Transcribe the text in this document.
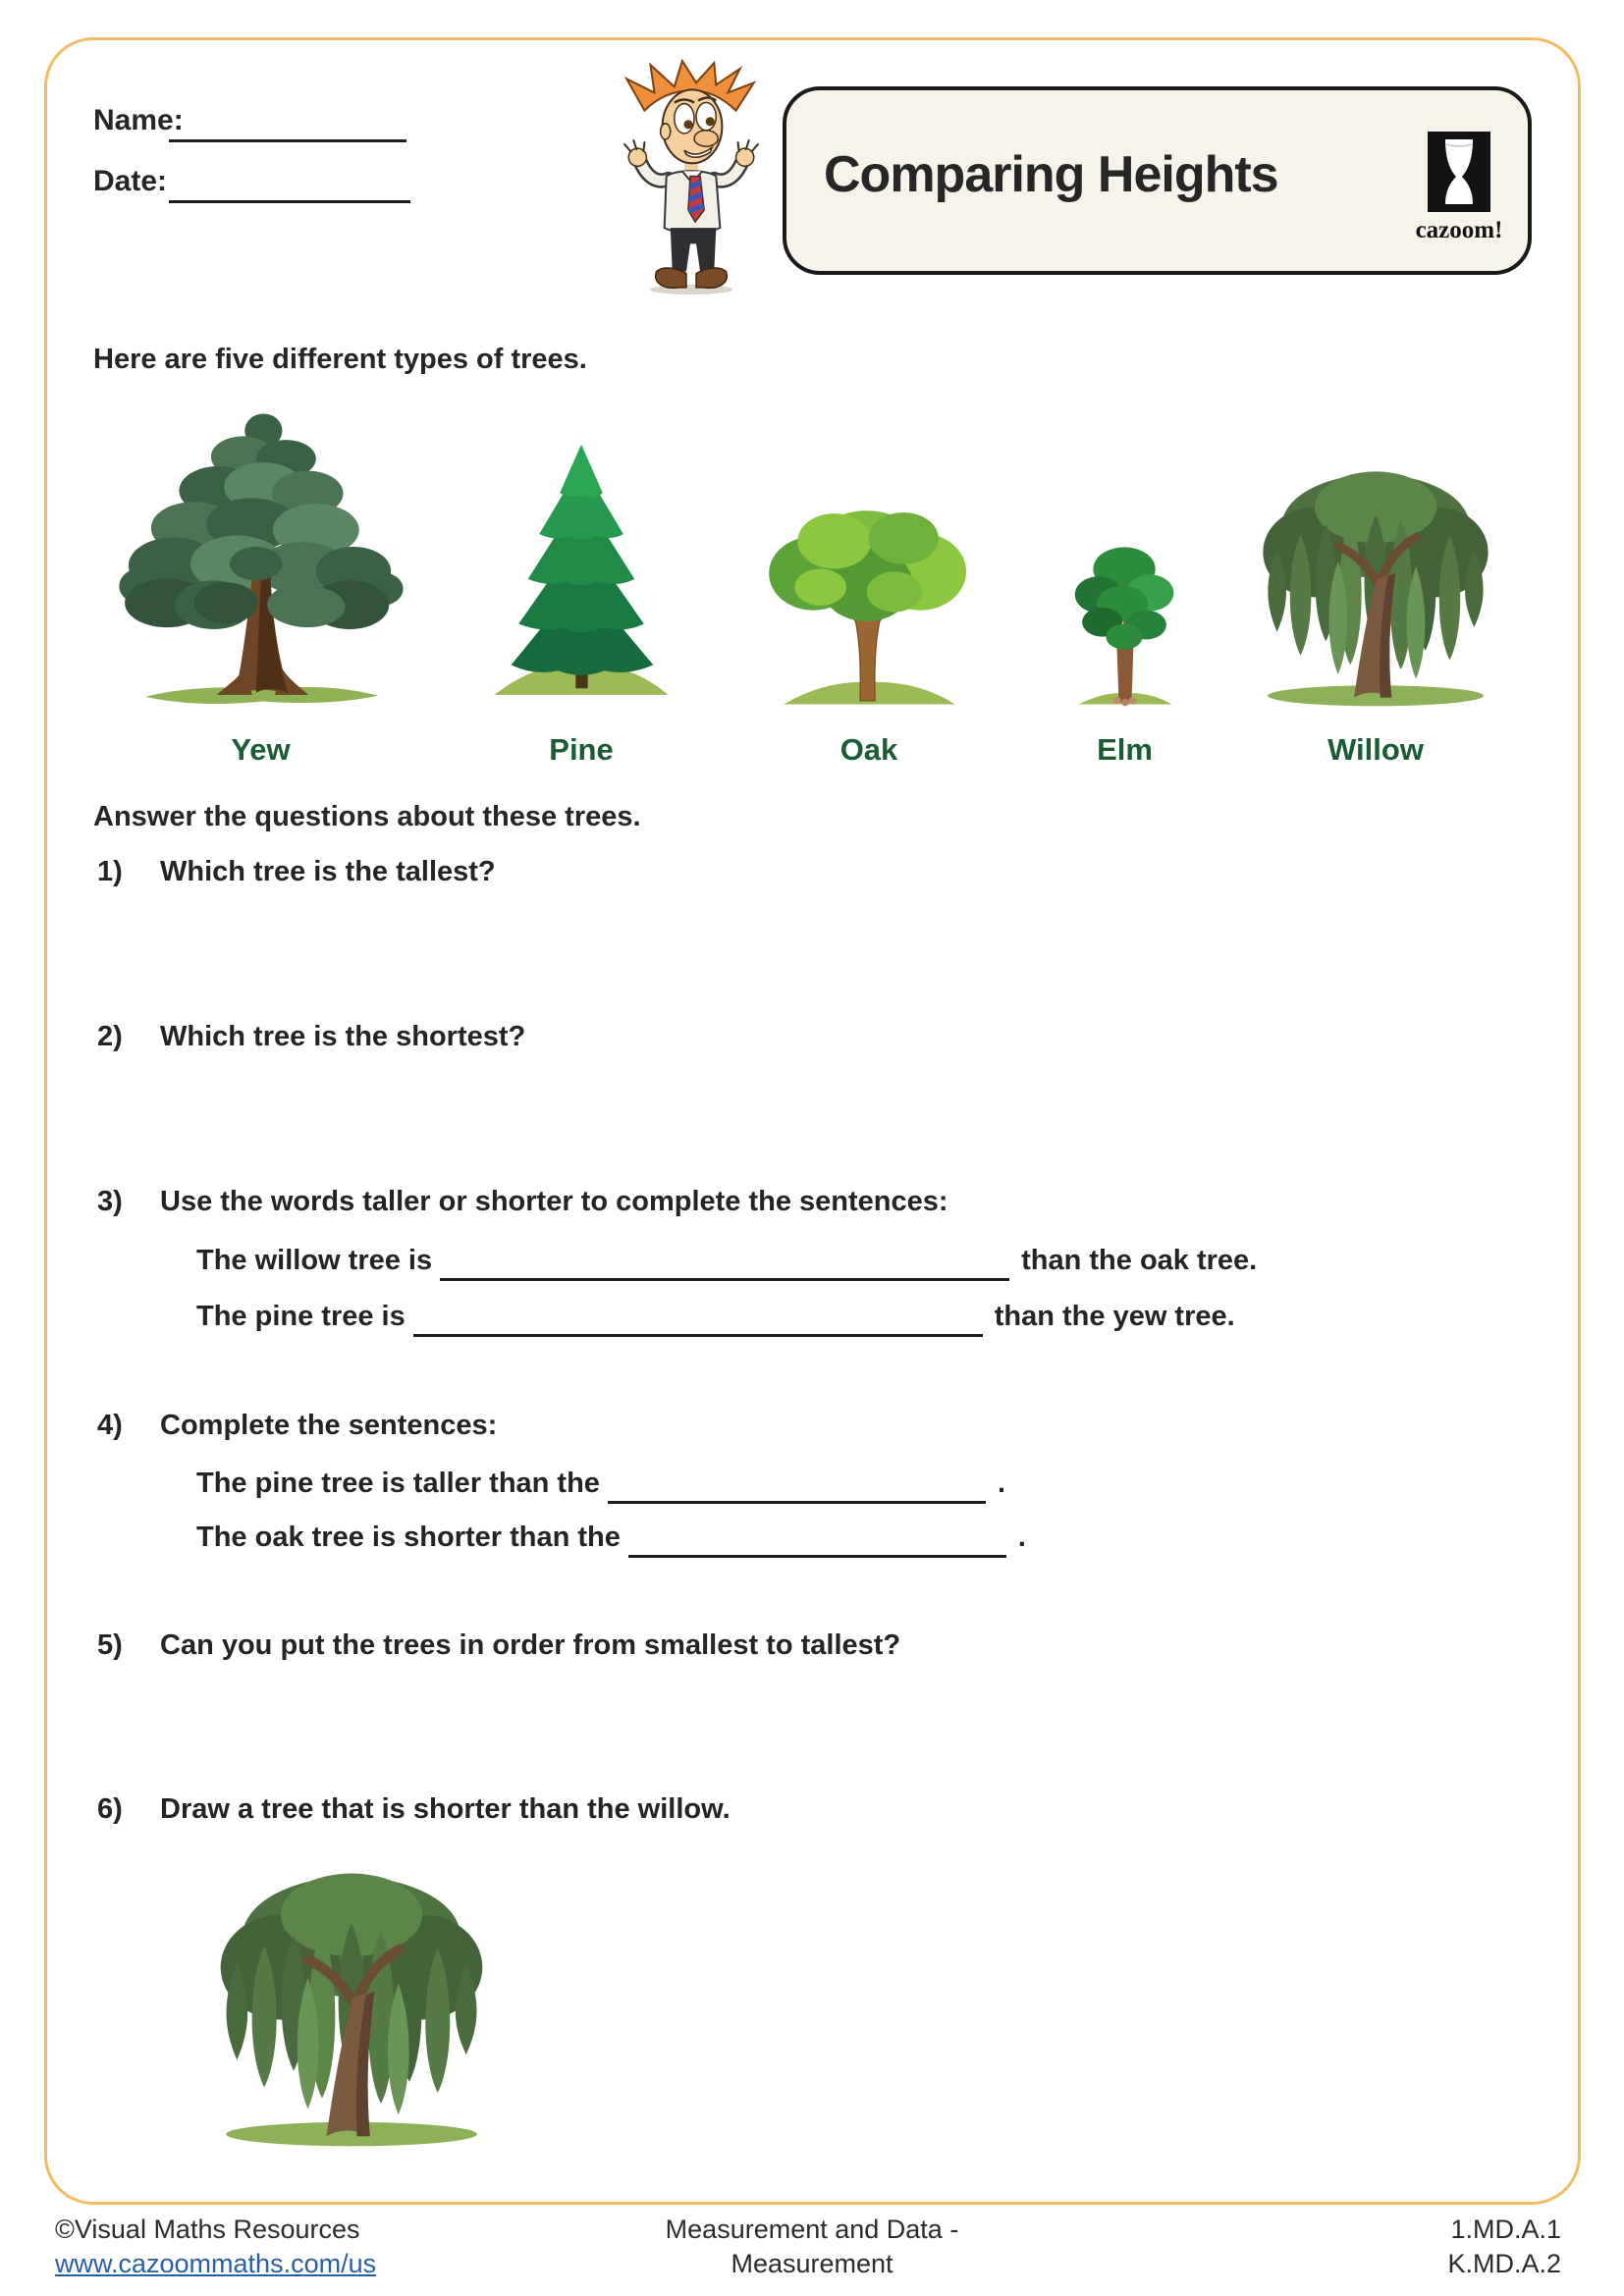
Name:
Date:	Comparing Heights
cazoom!
Here are five different types of trees.
Yew	Pine	Oak	Elm	Willow
Answer the questions about these trees.
1)	Which tree is the tallest?
2)	Which tree is the shortest?
3)	Use the words taller or shorter to complete the sentences:
The willow tree is	than the oak tree.
The pine tree is	than the yew tree.
4)	Complete the sentences:
The pine tree is taller than the	.
The oak tree is shorter than the	.
5)	Can you put the trees in order from smallest to tallest?
6)	Draw a tree that is shorter than the willow.
©Visual Maths Resources
www.cazoommaths.com/us
Measurement and Data -
Measurement
1.MD.A.1
K.MD.A.2
